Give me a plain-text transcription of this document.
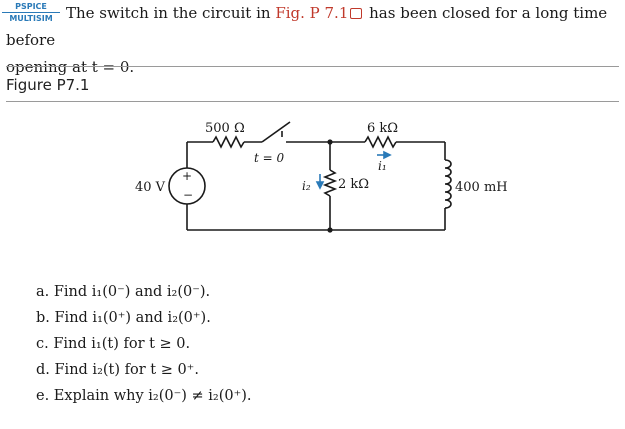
PSPICE
MULTISIM The switch in the circuit in Fig. P 7.1 has been closed for a long time before
opening at t = 0.
Figure P7.1
40 V
+
−
500 Ω
t = 0
2 kΩ
i₂
6 kΩ
i₁
400 mH
a. Find i₁(0⁻) and i₂(0⁻).
b. Find i₁(0⁺) and i₂(0⁺).
c. Find i₁(t) for t ≥ 0.
d. Find i₂(t) for t ≥ 0⁺.
e. Explain why i₂(0⁻) ≠ i₂(0⁺).
